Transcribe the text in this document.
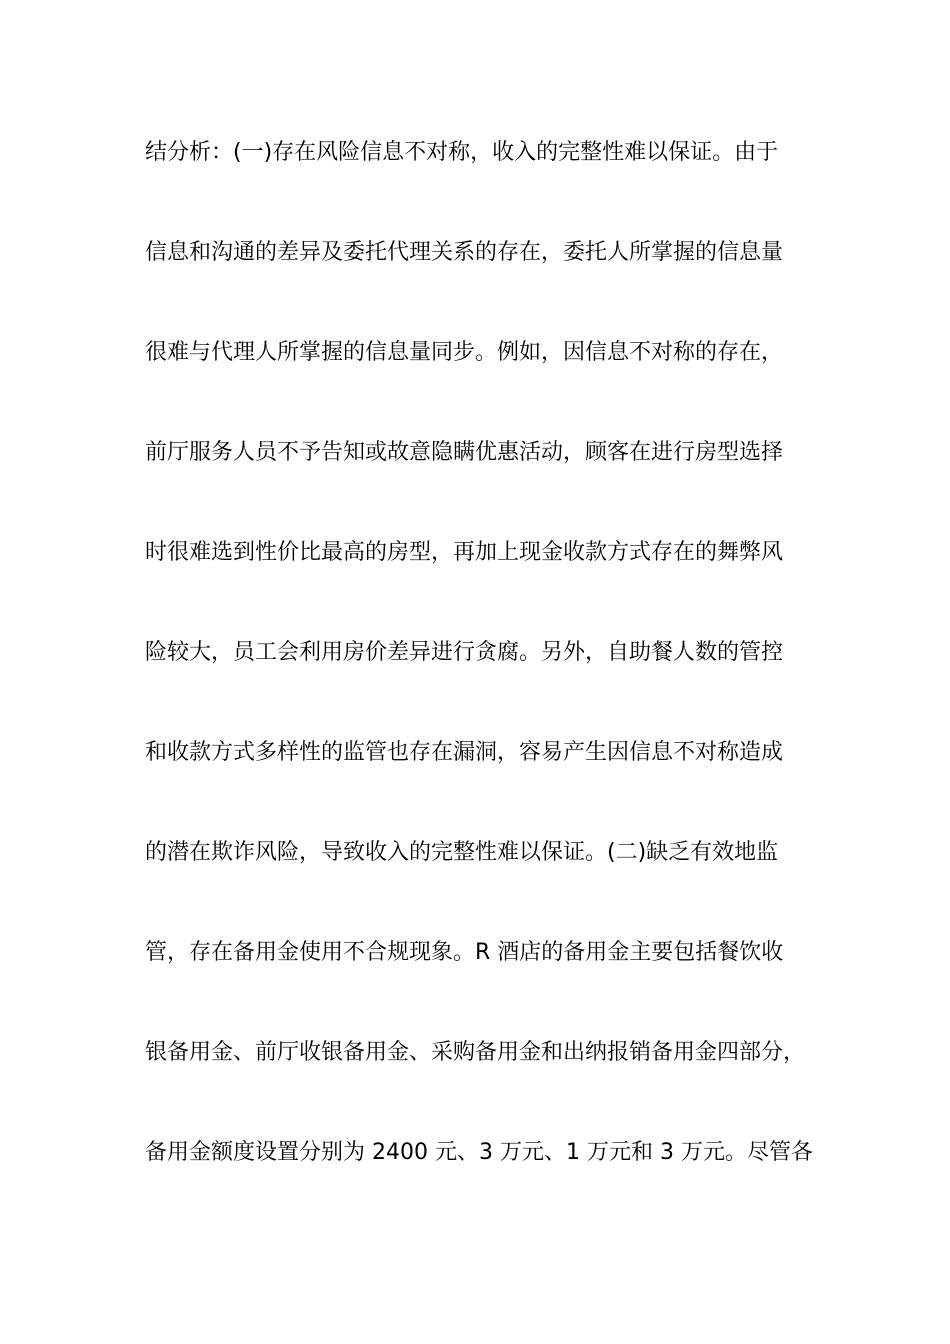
结分析：(一)存在风险信息不对称，收入的完整性难以保证。由于
信息和沟通的差异及委托代理关系的存在，委托人所掌握的信息量
很难与代理人所掌握的信息量同步。例如，因信息不对称的存在，
前厅服务人员不予告知或故意隐瞒优惠活动，顾客在进行房型选择
时很难选到性价比最高的房型，再加上现金收款方式存在的舞弊风
险较大，员工会利用房价差异进行贪腐。另外，自助餐人数的管控
和收款方式多样性的监管也存在漏洞，容易产生因信息不对称造成
的潜在欺诈风险，导致收入的完整性难以保证。(二)缺乏有效地监
管，存在备用金使用不合规现象。R 酒店的备用金主要包括餐饮收
银备用金、前厅收银备用金、采购备用金和出纳报销备用金四部分，
备用金额度设置分别为 2400 元、3 万元、1 万元和 3 万元。尽管各
